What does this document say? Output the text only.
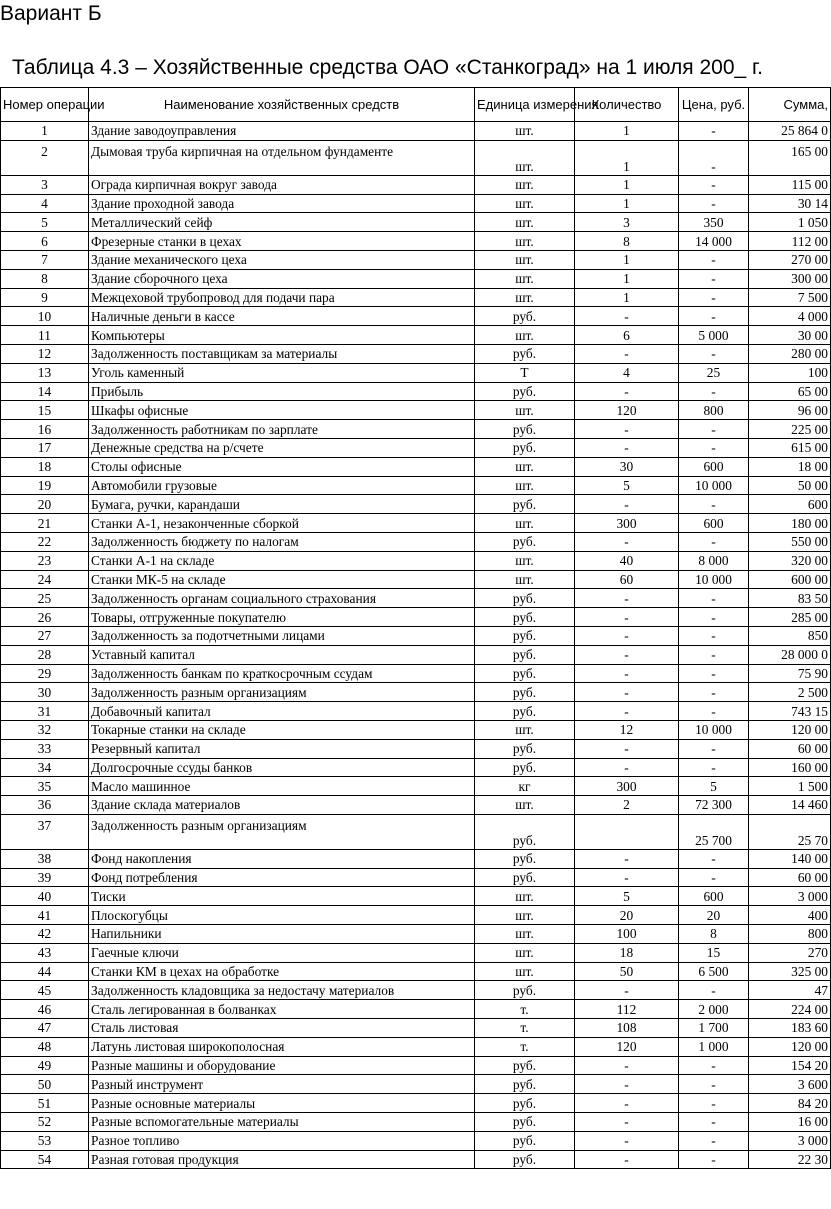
Вариант Б
Таблица 4.3 – Хозяйственные средства ОАО «Станкоград» на 1 июля 200_ г.
Номер операции	Наименование хозяйственных средств	Единица измерения	Количество	Цена, руб.	Сумма,
1	Здание заводоуправления	шт.	1	-	25 864 0
2	Дымовая труба кирпичная на отдельном фундаменте	шт.	1	-	165 00
3	Ограда кирпичная вокруг завода	шт.	1	-	115 00
4	Здание проходной завода	шт.	1	-	30 14
5	Металлический сейф	шт.	3	350	1 050
6	Фрезерные станки в цехах	шт.	8	14 000	112 00
7	Здание механического цеха	шт.	1	-	270 00
8	Здание сборочного цеха	шт.	1	-	300 00
9	Межцеховой трубопровод для подачи пара	шт.	1	-	7 500
10	Наличные деньги в кассе	руб.	-	-	4 000
11	Компьютеры	шт.	6	5 000	30 00
12	Задолженность поставщикам за материалы	руб.	-	-	280 00
13	Уголь каменный	Т	4	25	100
14	Прибыль	руб.	-	-	65 00
15	Шкафы офисные	шт.	120	800	96 00
16	Задолженность работникам по зарплате	руб.	-	-	225 00
17	Денежные средства на р/счете	руб.	-	-	615 00
18	Столы офисные	шт.	30	600	18 00
19	Автомобили грузовые	шт.	5	10 000	50 00
20	Бумага, ручки, карандаши	руб.	-	-	600
21	Станки А-1, незаконченные сборкой	шт.	300	600	180 00
22	Задолженность бюджету по налогам	руб.	-	-	550 00
23	Станки А-1 на складе	шт.	40	8 000	320 00
24	Станки МК-5 на складе	шт.	60	10 000	600 00
25	Задолженность органам социального страхования	руб.	-	-	83 50
26	Товары, отгруженные покупателю	руб.	-	-	285 00
27	Задолженность за подотчетными лицами	руб.	-	-	850
28	Уставный капитал	руб.	-	-	28 000 0
29	Задолженность банкам по краткосрочным ссудам	руб.	-	-	75 90
30	Задолженность разным организациям	руб.	-	-	2 500
31	Добавочный капитал	руб.	-	-	743 15
32	Токарные станки на складе	шт.	12	10 000	120 00
33	Резервный капитал	руб.	-	-	60 00
34	Долгосрочные ссуды банков	руб.	-	-	160 00
35	Масло машинное	кг	300	5	1 500
36	Здание склада материалов	шт.	2	72 300	14 460
37	Задолженность разным организациям	руб.		25 700	25 70
38	Фонд накопления	руб.	-	-	140 00
39	Фонд потребления	руб.	-	-	60 00
40	Тиски	шт.	5	600	3 000
41	Плоскогубцы	шт.	20	20	400
42	Напильники	шт.	100	8	800
43	Гаечные ключи	шт.	18	15	270
44	Станки КМ в цехах на обработке	шт.	50	6 500	325 00
45	Задолженность кладовщика за недостачу материалов	руб.	-	-	47
46	Сталь легированная в болванках	т.	112	2 000	224 00
47	Сталь листовая	т.	108	1 700	183 60
48	Латунь листовая широкополосная	т.	120	1 000	120 00
49	Разные машины и оборудование	руб.	-	-	154 20
50	Разный инструмент	руб.	-	-	3 600
51	Разные основные материалы	руб.	-	-	84 20
52	Разные вспомогательные материалы	руб.	-	-	16 00
53	Разное топливо	руб.	-	-	3 000
54	Разная готовая продукция	руб.	-	-	22 30
